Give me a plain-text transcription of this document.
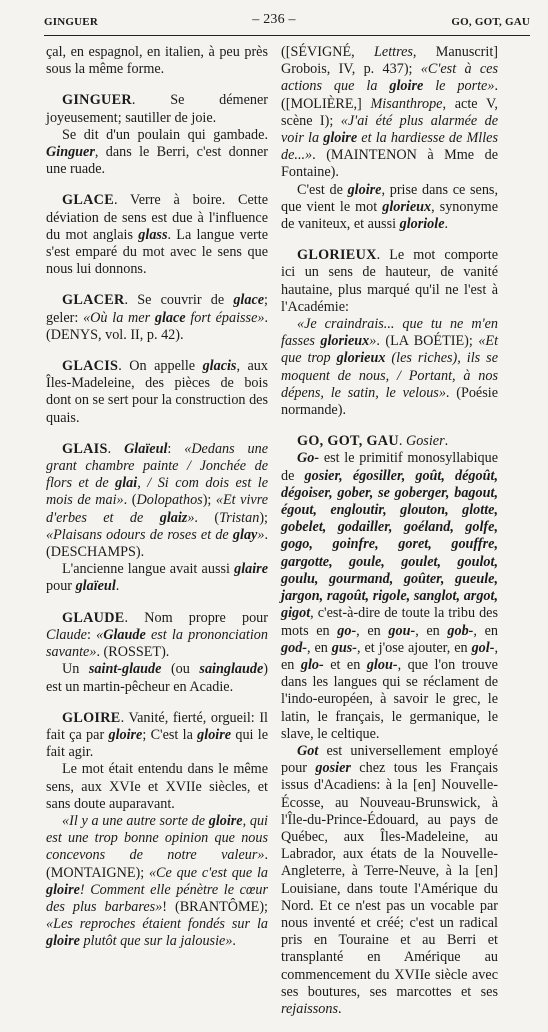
GINGUER	– 236 –	GO, GOT, GAU

çal, en espagnol, en italien, à peu près sous la même forme.

GINGUER. Se démener joyeusement; sautiller de joie.

Se dit d'un poulain qui gambade. Ginguer, dans le Berri, c'est donner une ruade.

GLACE. Verre à boire. Cette déviation de sens est due à l'influence du mot anglais glass. La langue verte s'est emparé du mot avec le sens que nous lui donnons.

GLACER. Se couvrir de glace; geler: «Où la mer glace fort épaisse». (DENYS, vol. II, p. 42).

GLACIS. On appelle glacis, aux Îles-Madeleine, des pièces de bois dont on se sert pour la construction des quais.

GLAIS. Glaïeul: «Dedans une grant chambre painte / Jonchée de flors et de glai, / Si com dois est le mois de mai». (Dolopathos); «Et vivre d'erbes et de glaiz». (Tristan); «Plaisans odours de roses et de glay». (DESCHAMPS).

L'ancienne langue avait aussi glaire pour glaïeul.

GLAUDE. Nom propre pour Claude: «Glaude est la prononciation savante». (ROSSET).

Un saint-glaude (ou sainglaude) est un martin-pêcheur en Acadie.

GLOIRE. Vanité, fierté, orgueil: Il fait ça par gloire; C'est la gloire qui le fait agir.

Le mot était entendu dans le même sens, aux XVIe et XVIIe siècles, et sans doute auparavant.

«Il y a une autre sorte de gloire, qui est une trop bonne opinion que nous concevons de notre valeur». (MONTAIGNE); «Ce que c'est que la gloire! Comment elle pénètre le cœur des plus barbares»! (BRANTÔME); «Les reproches étaient fondés sur la gloire plutôt que sur la jalousie».

([SÉVIGNÉ, Lettres, Manuscrit] Grobois, IV, p. 437); «C'est à ces actions que la gloire le porte». ([MOLIÈRE,] Misanthrope, acte V, scène I); «J'ai été plus alarmée de voir la gloire et la hardiesse de Mlles de...». (MAINTENON à Mme de Fontaine).

C'est de gloire, prise dans ce sens, que vient le mot glorieux, synonyme de vaniteux, et aussi gloriole.

GLORIEUX. Le mot comporte ici un sens de hauteur, de vanité hautaine, plus marqué qu'il ne l'est à l'Académie:

«Je craindrais... que tu ne m'en fasses glorieux». (LA BOÉTIE); «Et que trop glorieux (les riches), ils se moquent de nous, / Portant, à nos dépens, le satin, le velous». (Poésie normande).

GO, GOT, GAU. Gosier.

Go- est le primitif monosyllabique de gosier, égosiller, goût, dégoût, dégoiser, gober, se goberger, bagout, égout, engloutir, glouton, glotte, gobelet, godailler, goéland, golfe, gogo, goinfre, goret, gouffre, gargotte, goule, goulet, goulot, goulu, gourmand, goûter, gueule, jargon, ragoût, rigole, sanglot, argot, gigot, c'est-à-dire de toute la tribu des mots en go-, en gou-, en gob-, en god-, en gus-, et j'ose ajouter, en gol-, en glo- et en glou-, que l'on trouve dans les langues qui se réclament de l'indo-européen, à savoir le grec, le latin, le français, le germanique, le slave, le celtique.

Got est universellement employé pour gosier chez tous les Français issus d'Acadiens: à la [en] Nouvelle-Écosse, au Nouveau-Brunswick, à l'Île-du-Prince-Édouard, au pays de Québec, aux Îles-Madeleine, au Labrador, aux états de la Nouvelle-Angleterre, à Terre-Neuve, à la [en] Louisiane, dans toute l'Amérique du Nord. Et ce n'est pas un vocable par nous inventé et créé; c'est un radical pris en Touraine et au Berri et transplanté en Amérique au commencement du XVIIe siècle avec ses boutures, ses marcottes et ses rejaissons.
